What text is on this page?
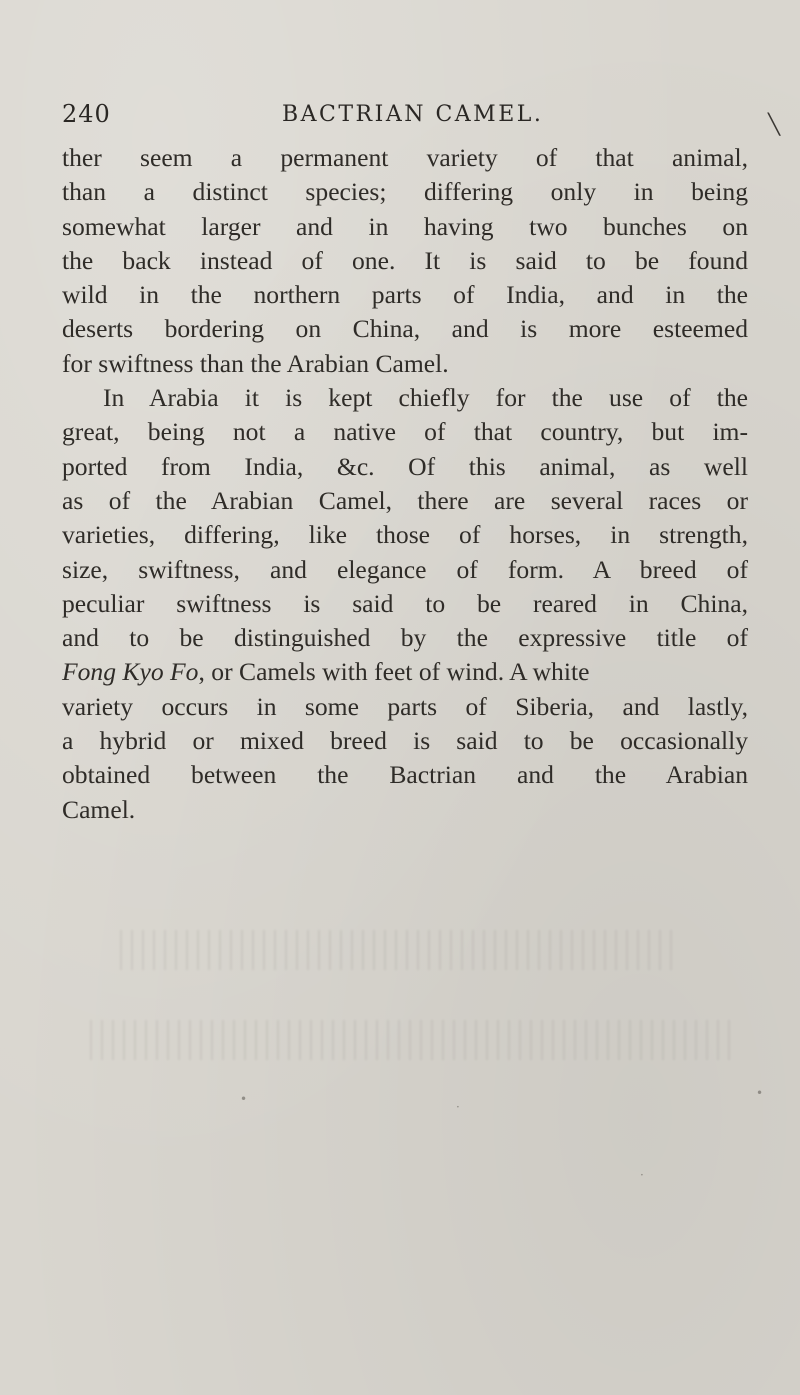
240	BACTRIAN CAMEL.	╲

ther seem a permanent variety of that animal,
than a distinct species; differing only in being
somewhat larger and in having two bunches on
the back instead of one. It is said to be found
wild in the northern parts of India, and in the
deserts bordering on China, and is more esteemed
for swiftness than the Arabian Camel.

In Arabia it is kept chiefly for the use of the
great, being not a native of that country, but im-
ported from India, &c. Of this animal, as well
as of the Arabian Camel, there are several races or
varieties, differing, like those of horses, in strength,
size, swiftness, and elegance of form. A breed of
peculiar swiftness is said to be reared in China,
and to be distinguished by the expressive title of
Fong Kyo Fo, or Camels with feet of wind. A white
variety occurs in some parts of Siberia, and lastly,
a hybrid or mixed breed is said to be occasionally
obtained between the Bactrian and the Arabian
Camel.

•
·
•
·
